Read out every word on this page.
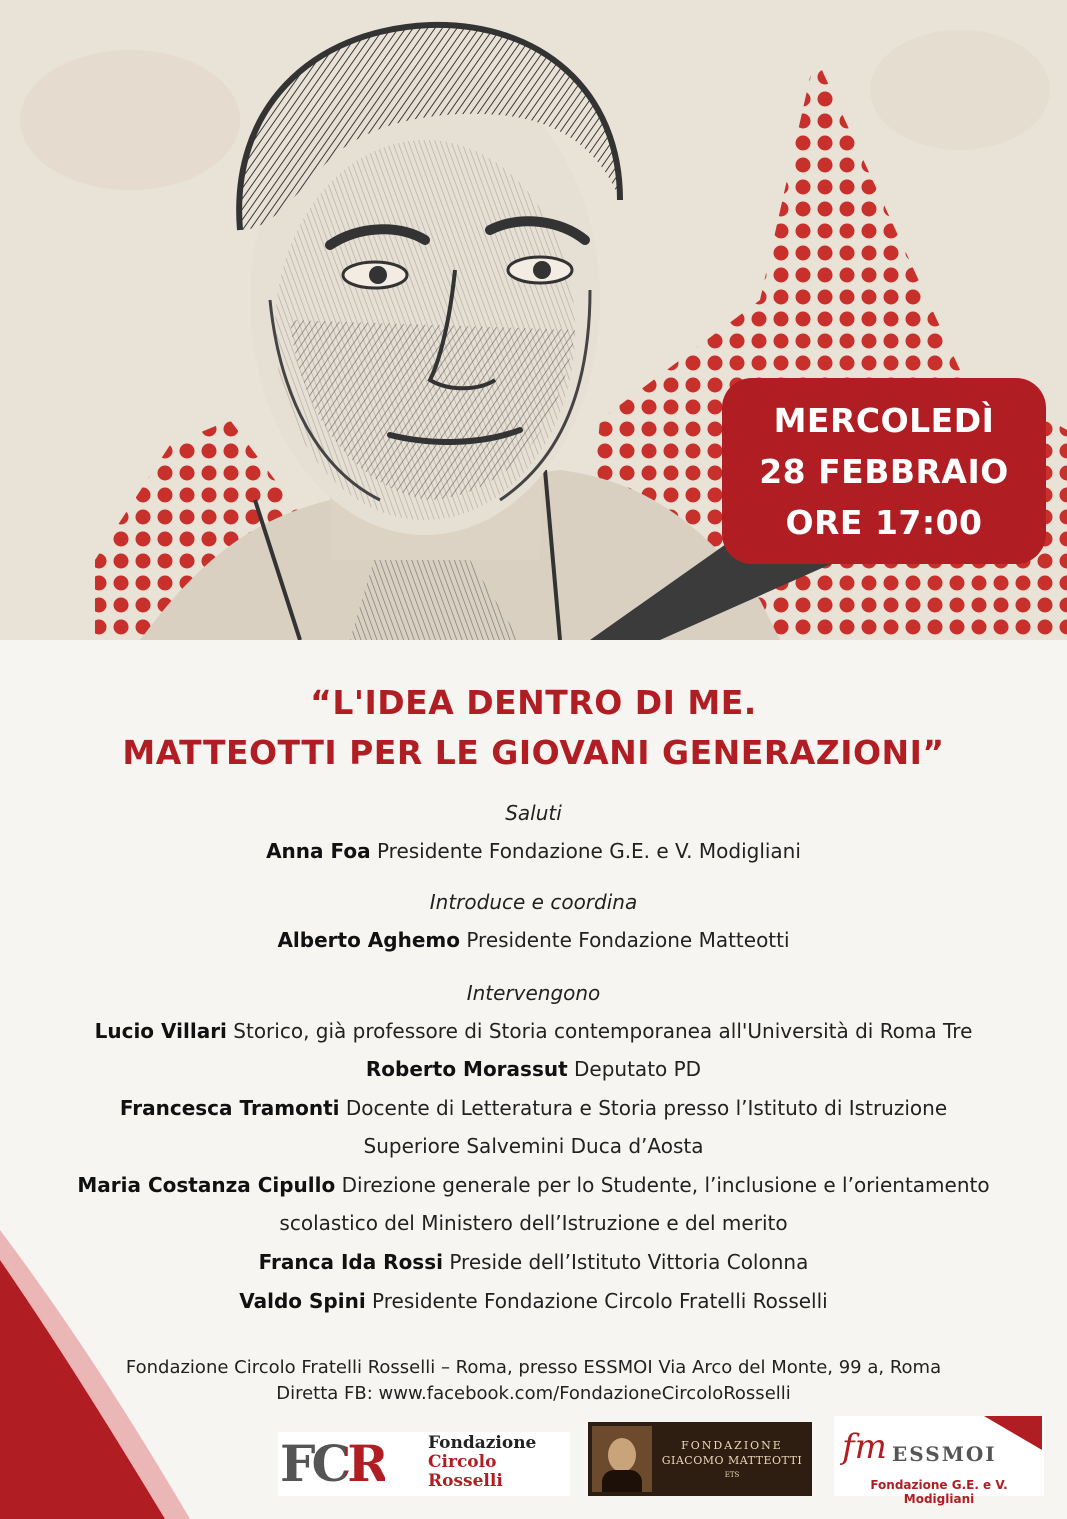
MERCOLEDÌ
28 FEBBRAIO
ORE 17:00
“L'IDEA DENTRO DI ME.
MATTEOTTI PER LE GIOVANI GENERAZIONI”
Saluti
Anna Foa Presidente Fondazione G.E. e V. Modigliani
Introduce e coordina
Alberto Aghemo Presidente Fondazione Matteotti
Intervengono
Lucio Villari Storico, già professore di Storia contemporanea all'Università di Roma Tre
Roberto Morassut Deputato PD
Francesca Tramonti Docente di Letteratura e Storia presso l’Istituto di Istruzione
Superiore Salvemini Duca d’Aosta
Maria Costanza Cipullo Direzione generale per lo Studente, l’inclusione e l’orientamento
scolastico del Ministero dell’Istruzione e del merito
Franca Ida Rossi Preside dell’Istituto Vittoria Colonna
Valdo Spini Presidente Fondazione Circolo Fratelli Rosselli
Fondazione Circolo Fratelli Rosselli – Roma, presso ESSMOI Via Arco del Monte, 99 a, Roma
Diretta FB: www.facebook.com/FondazioneCircoloRosselli
FCR	Fondazione
Circolo
Rosselli
FONDAZIONE
GIACOMO MATTEOTTI
ETS
fm ESSMOI
Fondazione G.E. e V. Modigliani
